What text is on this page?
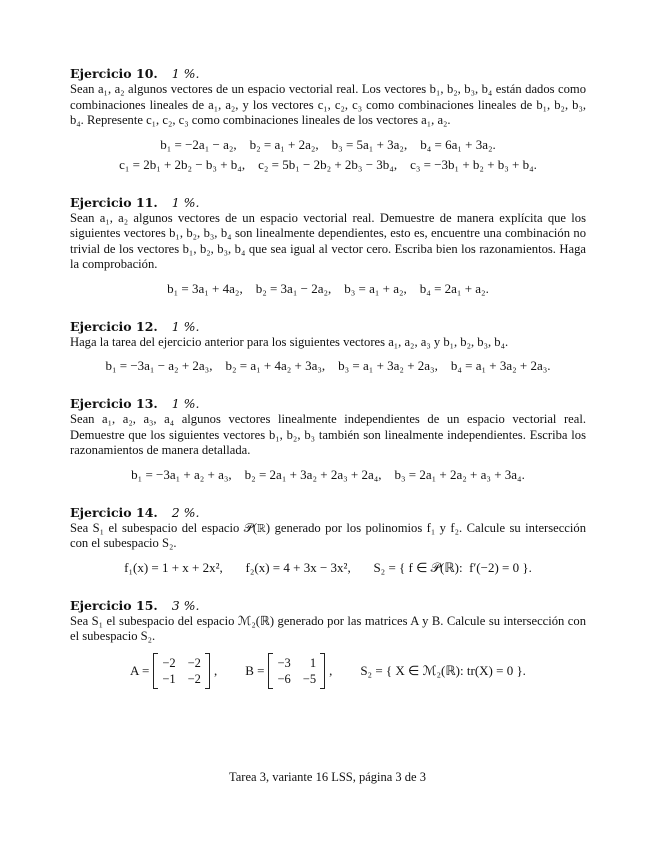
Ejercicio 10. 1 %.
Sean a₁, a₂ algunos vectores de un espacio vectorial real. Los vectores b₁, b₂, b₃, b₄ están dados como combinaciones lineales de a₁, a₂, y los vectores c₁, c₂, c₃ como combinaciones lineales de b₁, b₂, b₃, b₄. Represente c₁, c₂, c₃ como combinaciones lineales de los vectores a₁, a₂.
b₁ = −2a₁ − a₂,    b₂ = a₁ + 2a₂,    b₃ = 5a₁ + 3a₂,    b₄ = 6a₁ + 3a₂.
c₁ = 2b₁ + 2b₂ − b₃ + b₄,    c₂ = 5b₁ − 2b₂ + 2b₃ − 3b₄,    c₃ = −3b₁ + b₂ + b₃ + b₄.
Ejercicio 11. 1 %.
Sean a₁, a₂ algunos vectores de un espacio vectorial real. Demuestre de manera explícita que los siguientes vectores b₁, b₂, b₃, b₄ son linealmente dependientes, esto es, encuentre una combinación no trivial de los vectores b₁, b₂, b₃, b₄ que sea igual al vector cero. Escriba bien los razonamientos. Haga la comprobación.
b₁ = 3a₁ + 4a₂,    b₂ = 3a₁ − 2a₂,    b₃ = a₁ + a₂,    b₄ = 2a₁ + a₂.
Ejercicio 12. 1 %.
Haga la tarea del ejercicio anterior para los siguientes vectores a₁, a₂, a₃ y b₁, b₂, b₃, b₄.
b₁ = −3a₁ − a₂ + 2a₃,    b₂ = a₁ + 4a₂ + 3a₃,    b₃ = a₁ + 3a₂ + 2a₃,    b₄ = a₁ + 3a₂ + 2a₃.
Ejercicio 13. 1 %.
Sean a₁, a₂, a₃, a₄ algunos vectores linealmente independientes de un espacio vectorial real. Demuestre que los siguientes vectores b₁, b₂, b₃ también son linealmente independientes. Escriba los razonamientos de manera detallada.
b₁ = −3a₁ + a₂ + a₃,    b₂ = 2a₁ + 3a₂ + 2a₃ + 2a₄,    b₃ = 2a₁ + 2a₂ + a₃ + 3a₄.
Ejercicio 14. 2 %.
Sea S₁ el subespacio del espacio 𝒫(ℝ) generado por los polinomios f₁ y f₂. Calcule su intersección con el subespacio S₂.
f₁(x) = 1 + x + 2x²,       f₂(x) = 4 + 3x − 3x²,       S₂ = { f ∈ 𝒫(ℝ):  f′(−2) = 0 }.
Ejercicio 15. 3 %.
Sea S₁ el subespacio del espacio ℳ₂(ℝ) generado por las matrices A y B. Calcule su intersección con el subespacio S₂.
A = −2 −2
−1 −2
, B = −3	1
−6 −5
, S₂ = { X ∈ ℳ₂(ℝ): tr(X) = 0 }.
Tarea 3, variante 16 LSS, página 3 de 3
